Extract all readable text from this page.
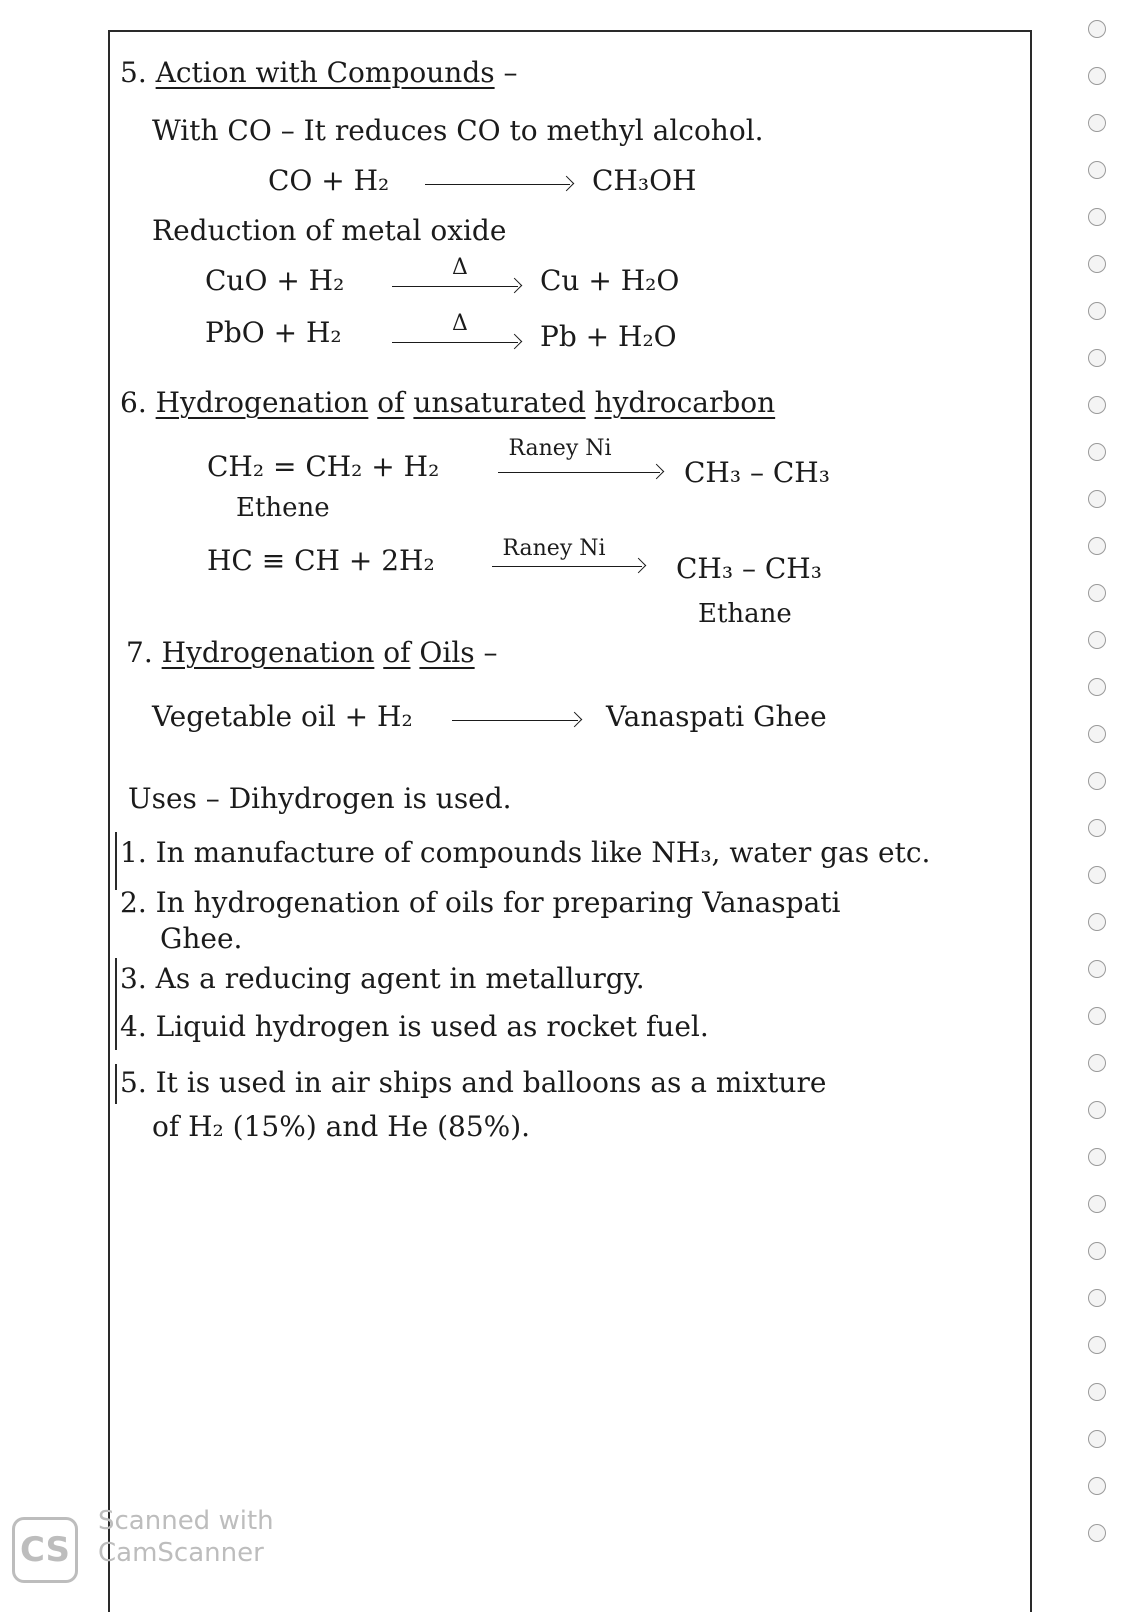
5. Action with Compounds –
With CO – It reduces CO to methyl alcohol.
CO + H₂	CH₃OH
Reduction of metal oxide
CuO + H₂	Δ	Cu + H₂O
PbO + H₂	Δ	Pb + H₂O
6. Hydrogenation of unsaturated hydrocarbon
CH₂ = CH₂ + H₂
Raney Ni
CH₃ – CH₃
Ethene
HC ≡ CH + 2H₂	Raney Ni
CH₃ – CH₃
Ethane
7. Hydrogenation of Oils –
Vegetable oil + H₂	Vanaspati Ghee
Uses – Dihydrogen is used.
1. In manufacture of compounds like NH₃, water gas etc.
2. In hydrogenation of oils for preparing Vanaspati
Ghee.
3. As a reducing agent in metallurgy.
4. Liquid hydrogen is used as rocket fuel.
5. It is used in air ships and balloons as a mixture
of H₂ (15%) and He (85%).
CS
Scanned with
CamScanner
